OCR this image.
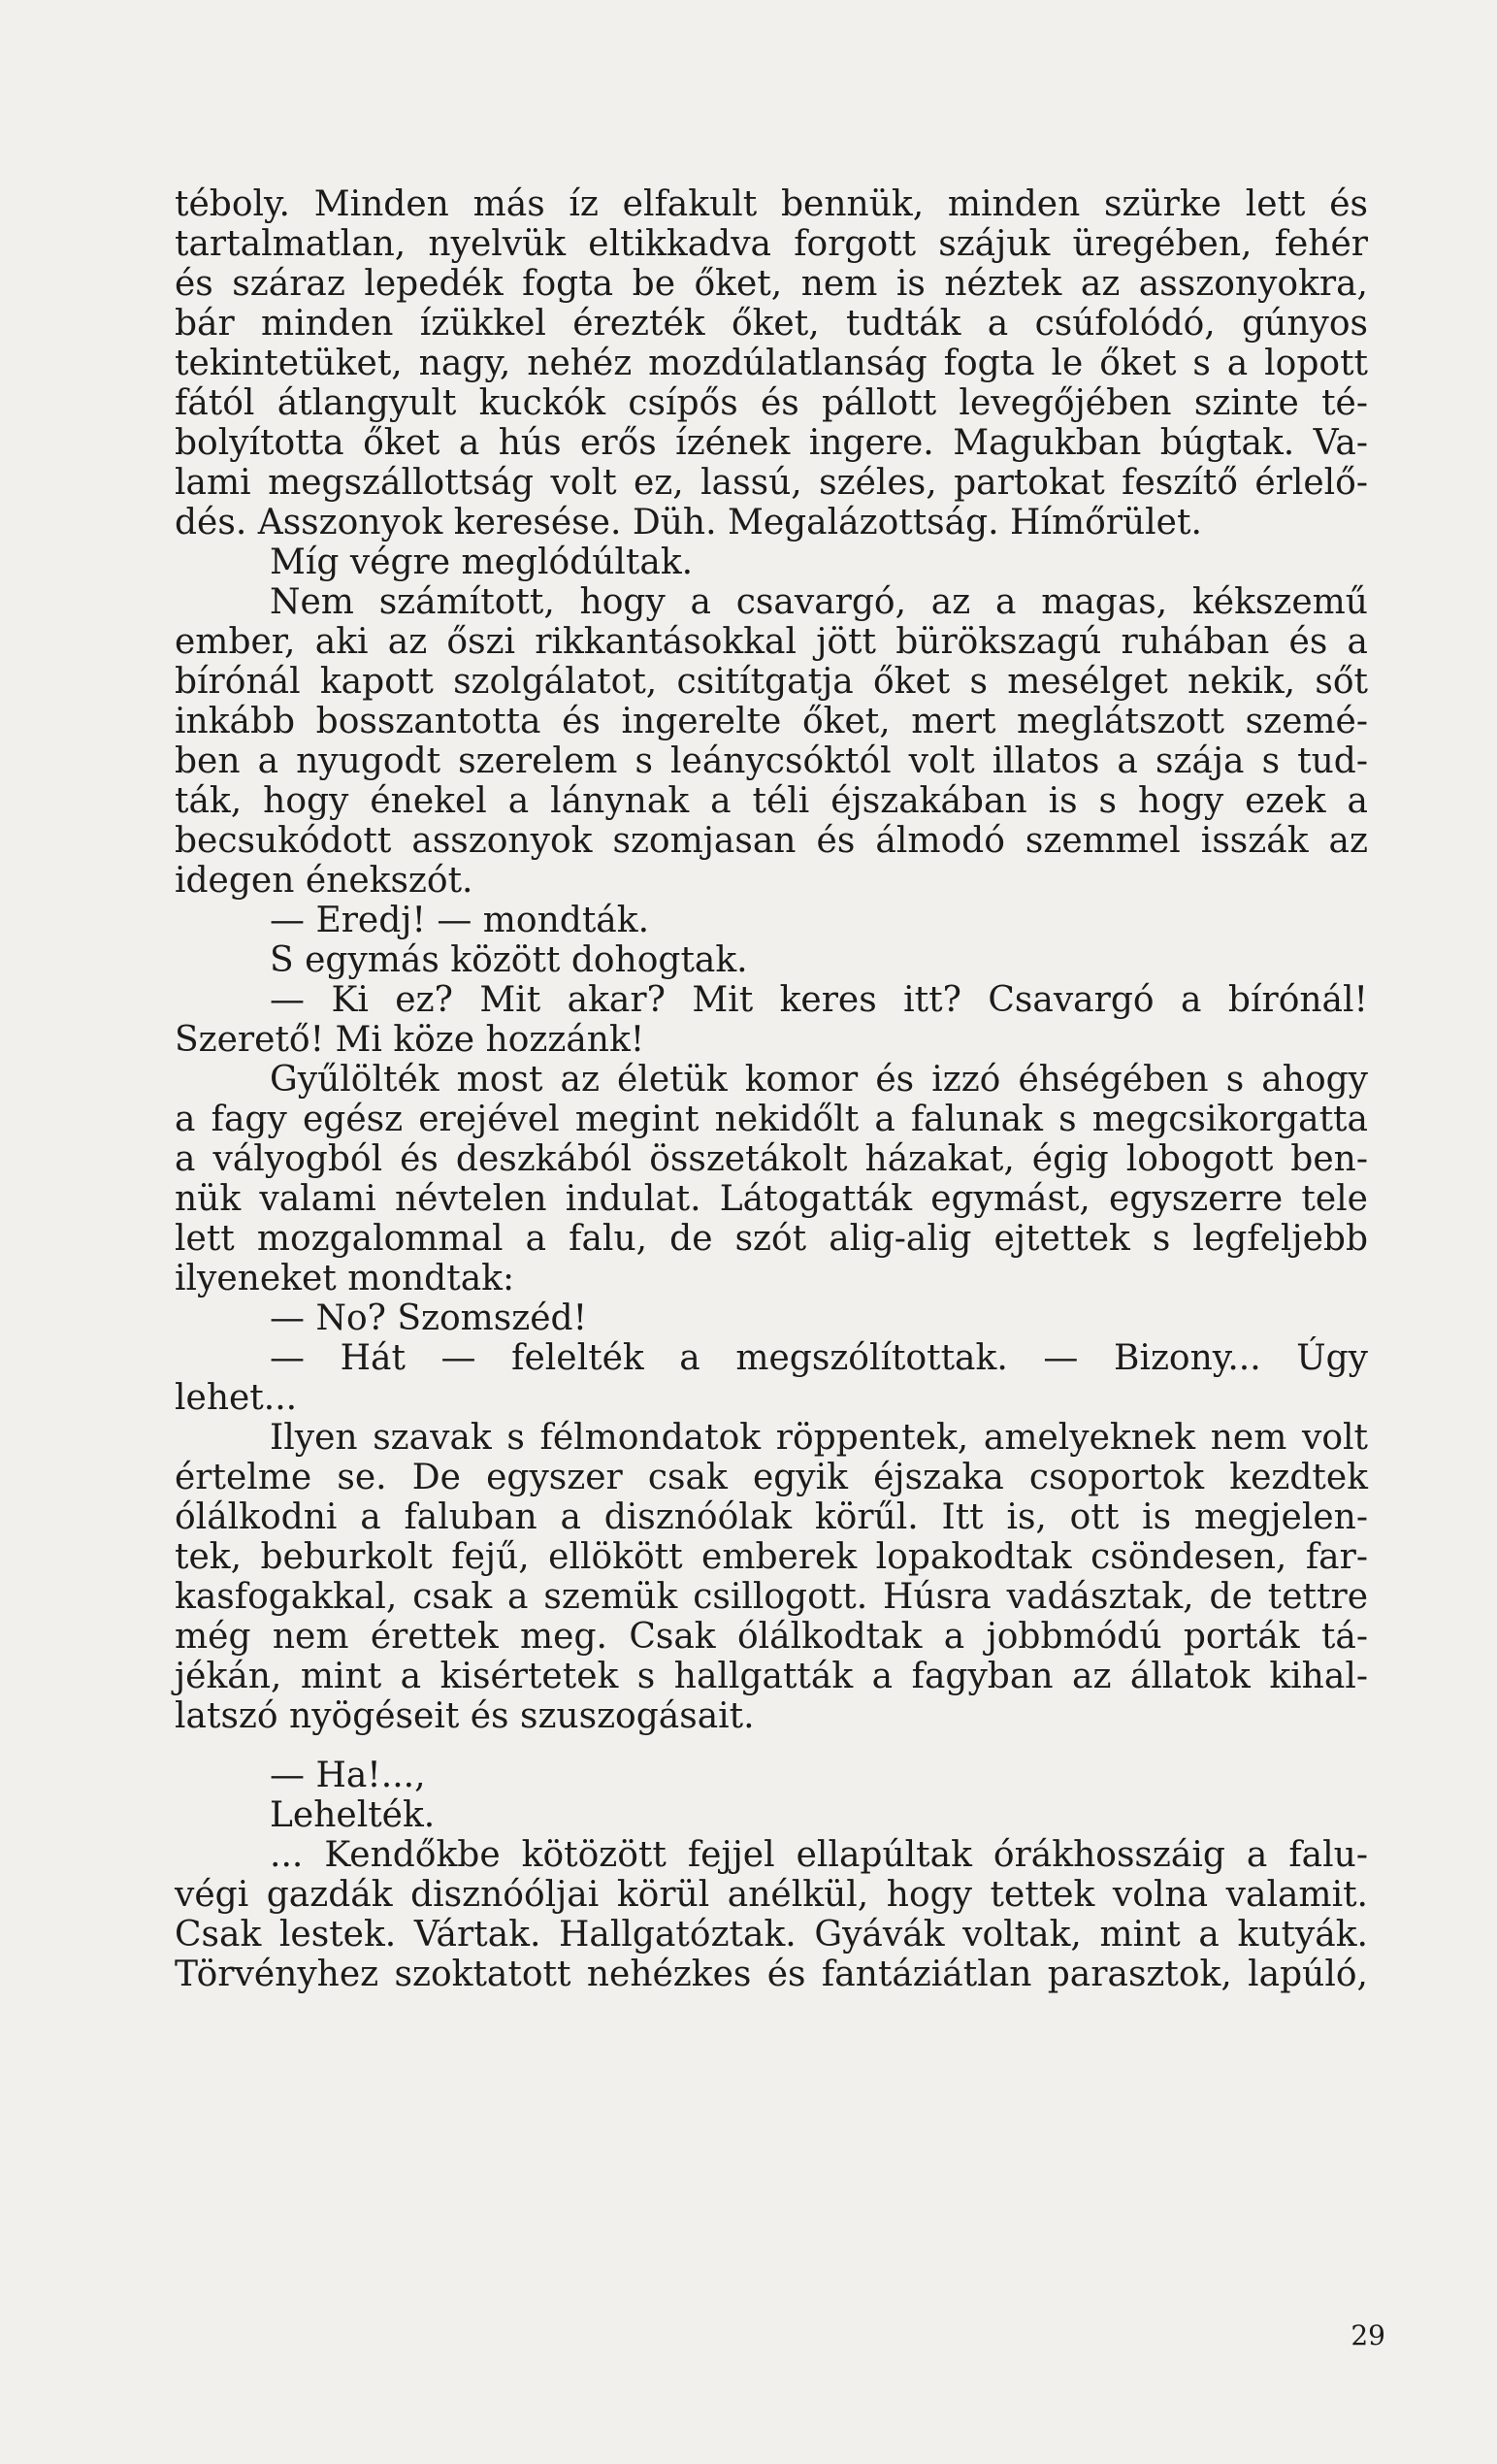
téboly. Minden más íz elfakult bennük, minden szürke lett és
tartalmatlan, nyelvük eltikkadva forgott szájuk üregében, fehér
és száraz lepedék fogta be őket, nem is néztek az asszonyokra,
bár minden ízükkel érezték őket, tudták a csúfolódó, gúnyos
tekintetüket, nagy, nehéz mozdúlatlanság fogta le őket s a lopott
fától átlangyult kuckók csípős és pállott levegőjében szinte té-
bolyította őket a hús erős ízének ingere. Magukban búgtak. Va-
lami megszállottság volt ez, lassú, széles, partokat feszítő érlelő-
dés. Asszonyok keresése. Düh. Megalázottság. Hímőrület.
Míg végre meglódúltak.
Nem számított, hogy a csavargó, az a magas, kékszemű
ember, aki az őszi rikkantásokkal jött bürökszagú ruhában és a
bírónál kapott szolgálatot, csitítgatja őket s mesélget nekik, sőt
inkább bosszantotta és ingerelte őket, mert meglátszott szemé-
ben a nyugodt szerelem s leánycsóktól volt illatos a szája s tud-
ták, hogy énekel a lánynak a téli éjszakában is s hogy ezek a
becsukódott asszonyok szomjasan és álmodó szemmel isszák az
idegen énekszót.
— Eredj! — mondták.
S egymás között dohogtak.
— Ki ez? Mit akar? Mit keres itt? Csavargó a bírónál!
Szerető! Mi köze hozzánk!
Gyűlölték most az életük komor és izzó éhségében s ahogy
a fagy egész erejével megint nekidőlt a falunak s megcsikorgatta
a vályogból és deszkából összetákolt házakat, égig lobogott ben-
nük valami névtelen indulat. Látogatták egymást, egyszerre tele
lett mozgalommal a falu, de szót alig-alig ejtettek s legfeljebb
ilyeneket mondtak:
— No? Szomszéd!
— Hát — felelték a megszólítottak. — Bizony... Úgy
lehet...
Ilyen szavak s félmondatok röppentek, amelyeknek nem volt
értelme se. De egyszer csak egyik éjszaka csoportok kezdtek
ólálkodni a faluban a disznóólak körűl. Itt is, ott is megjelen-
tek, beburkolt fejű, ellökött emberek lopakodtak csöndesen, far-
kasfogakkal, csak a szemük csillogott. Húsra vadásztak, de tettre
még nem érettek meg. Csak ólálkodtak a jobbmódú porták tá-
jékán, mint a kisértetek s hallgatták a fagyban az állatok kihal-
latszó nyögéseit és szuszogásait.
— Ha!...,
Lehelték.
... Kendőkbe kötözött fejjel ellapúltak órákhosszáig a falu-
végi gazdák disznóóljai körül anélkül, hogy tettek volna valamit.
Csak lestek. Vártak. Hallgatóztak. Gyávák voltak, mint a kutyák.
Törvényhez szoktatott nehézkes és fantáziátlan parasztok, lapúló,
29
